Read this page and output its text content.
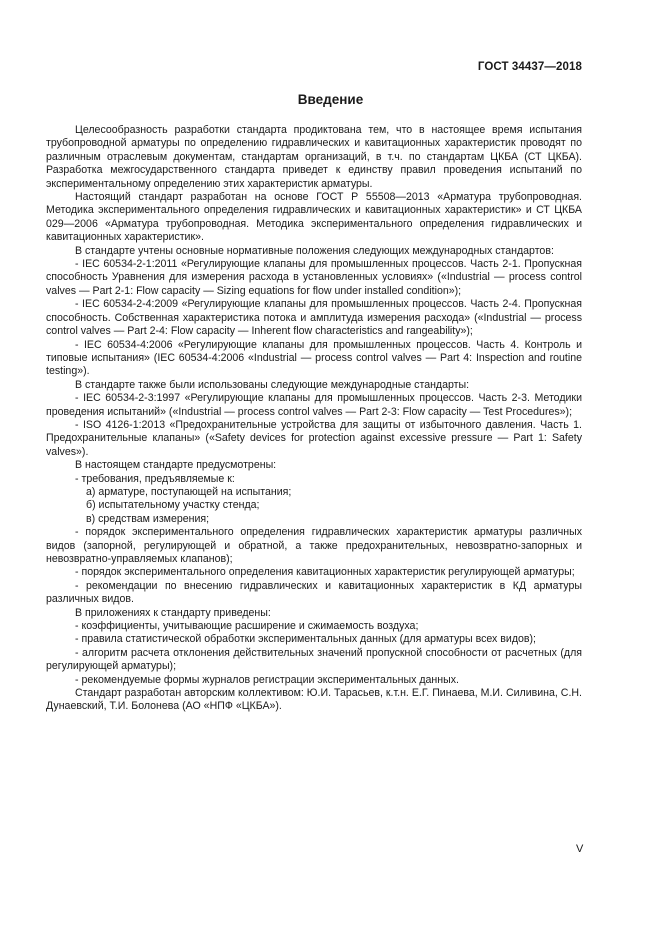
ГОСТ 34437—2018
Введение

Целесообразность разработки стандарта продиктована тем, что в настоящее время испытания трубопроводной арматуры по определению гидравлических и кавитационных характеристик проводят по различным отраслевым документам, стандартам организаций, в т.ч. по стандартам ЦКБА (СТ ЦКБА). Разработка межгосударственного стандарта приведет к единству правил проведения испытаний по экспериментальному определению этих характеристик арматуры.

Настоящий стандарт разработан на основе ГОСТ Р 55508—2013 «Арматура трубопроводная. Методика экспериментального определения гидравлических и кавитационных характеристик» и СТ ЦКБА 029—2006 «Арматура трубопроводная. Методика экспериментального определения гидравлических и кавитационных характеристик».

В стандарте учтены основные нормативные положения следующих международных стандартов:

- IEC 60534-2-1:2011 «Регулирующие клапаны для промышленных процессов. Часть 2-1. Пропускная способность Уравнения для измерения расхода в установленных условиях» («Industrial — process control valves — Part 2-1: Flow capacity — Sizing equations for flow under installed condition»);

- IEC 60534-2-4:2009 «Регулирующие клапаны для промышленных процессов. Часть 2-4. Пропускная способность. Собственная характеристика потока и амплитуда измерения расхода» («Industrial — process control valves — Part 2-4: Flow capacity — Inherent flow characteristics and rangeability»);

- IEC 60534-4:2006 «Регулирующие клапаны для промышленных процессов. Часть 4. Контроль и типовые испытания» (IEC 60534-4:2006 «Industrial — process control valves — Part 4: Inspection and routine testing»).

В стандарте также были использованы следующие международные стандарты:

- IEC 60534-2-3:1997 «Регулирующие клапаны для промышленных процессов. Часть 2-3. Методики проведения испытаний» («Industrial — process control valves — Part 2-3: Flow capacity — Test Procedures»);

- ISO 4126-1:2013 «Предохранительные устройства для защиты от избыточного давления. Часть 1. Предохранительные клапаны» («Safety devices for protection against excessive pressure — Part 1: Safety valves»).

В настоящем стандарте предусмотрены:

- требования, предъявляемые к:

а) арматуре, поступающей на испытания;

б) испытательному участку стенда;

в) средствам измерения;

- порядок экспериментального определения гидравлических характеристик арматуры различных видов (запорной, регулирующей и обратной, а также предохранительных, невозвратно-запорных и невозвратно-управляемых клапанов);

- порядок экспериментального определения кавитационных характеристик регулирующей арматуры;

- рекомендации по внесению гидравлических и кавитационных характеристик в КД арматуры различных видов.

В приложениях к стандарту приведены:

- коэффициенты, учитывающие расширение и сжимаемость воздуха;

- правила статистической обработки экспериментальных данных (для арматуры всех видов);

- алгоритм расчета отклонения действительных значений пропускной способности от расчетных (для регулирующей арматуры);

- рекомендуемые формы журналов регистрации экспериментальных данных.

Стандарт разработан авторским коллективом: Ю.И. Тарасьев, к.т.н. Е.Г. Пинаева, М.И. Силивина, С.Н. Дунаевский, Т.И. Болонева (АО «НПФ «ЦКБА»).

V
